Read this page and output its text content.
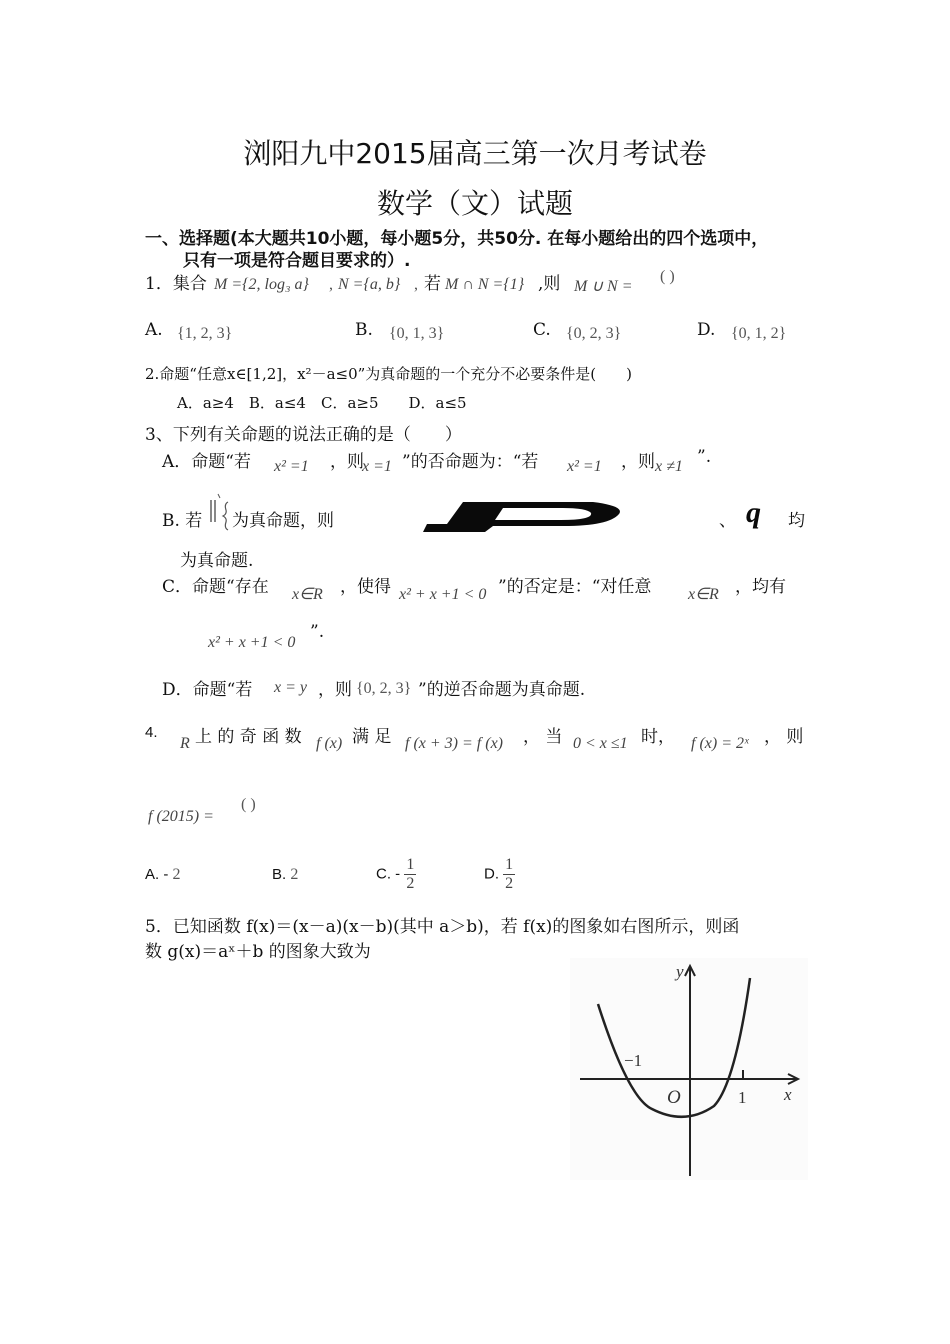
浏阳九中2015届高三第一次月考试卷
数学（文）试题
一、选择题(本大题共10小题，每小题5分，共50分. 在每小题给出的四个选项中，
只有一项是符合题目要求的）.
1．集合 M ={2, log₃ a} , N ={a, b} , 若 M ∩ N ={1} ,则 M ∪ N =
( )
A. {1, 2, 3}	B. {0, 1, 3}	C. {0, 2, 3}	D. {0, 1, 2}
2.命题“任意x∈[1,2]，x²－a≤0”为真命题的一个充分不必要条件是(　　)
A．a≥4　B．a≤4　C．a≥5　　D．a≤5
3、下列有关命题的说法正确的是（　　）
A．命题“若 x² =1 ，则
x =1 ”的否命题为：“若 x² =1 ，则 x ≠1 ”.
B. 若 为真命题，则	、 q 均
为真命题.
C．命题“存在 x∈R ，使得 x² + x +1 < 0 ”的否定是：“对任意 x∈R ，均有
x² + x +1 < 0
”.
D．命题“若 x = y ，则 {0, 2, 3} ”的逆否命题为真命题.
4.
R 上 的 奇 函 数 f (x) 满 足 f (x + 3) = f (x) ， 当 0 < x ≤1 时， f (x) = 2ˣ ， 则
f (2015) =
( )
A. - 2	B. 2	C. - $\frac{1}{2}$	D. $\frac{1}{2}$
5．已知函数 f(x)＝(x－a)(x－b)(其中 a＞b)，若 f(x)的图象如右图所示，则函
数 g(x)＝aˣ＋b 的图象大致为
y
x
O
−1
1
